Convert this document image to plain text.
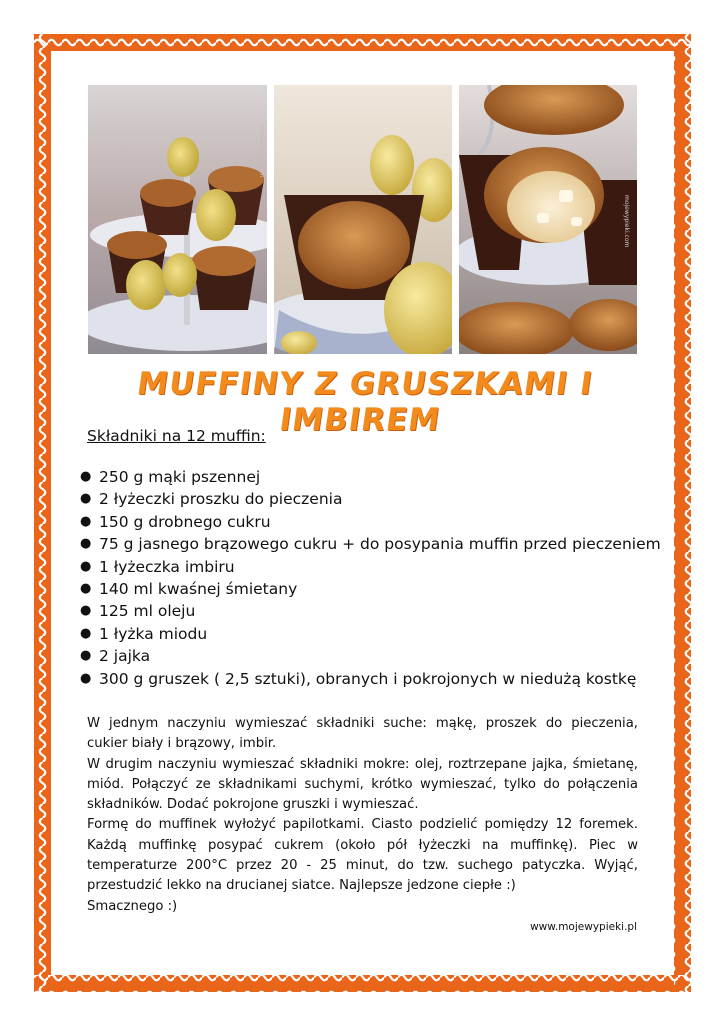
mojewypieki.com
mojewypieki.com
MUFFINY Z GRUSZKAMI I IMBIREM
Składniki na 12 muffin:
● 250 g mąki pszennej
● 2 łyżeczki proszku do pieczenia
● 150 g drobnego cukru
● 75 g jasnego brązowego cukru + do posypania muffin przed pieczeniem
● 1 łyżeczka imbiru
● 140 ml kwaśnej śmietany
● 125 ml oleju
● 1 łyżka miodu
● 2 jajka
● 300 g gruszek ( 2,5 sztuki), obranych i pokrojonych w niedużą kostkę

W jednym naczyniu wymieszać składniki suche: mąkę, proszek do pieczenia, cukier biały i brązowy, imbir.

W drugim naczyniu wymieszać składniki mokre: olej, roztrzepane jajka, śmietanę, miód. Połączyć ze składnikami suchymi, krótko wymieszać, tylko do połączenia składników. Dodać pokrojone gruszki i wymieszać.

Formę do muffinek wyłożyć papilotkami. Ciasto podzielić pomiędzy 12 foremek. Każdą muffinkę posypać cukrem (około pół łyżeczki na muffinkę). Piec w temperaturze 200°C przez 20 - 25 minut, do tzw. suchego patyczka. Wyjąć, przestudzić lekko na drucianej siatce. Najlepsze jedzone ciepłe :)

Smacznego :)

www.mojewypieki.pl
